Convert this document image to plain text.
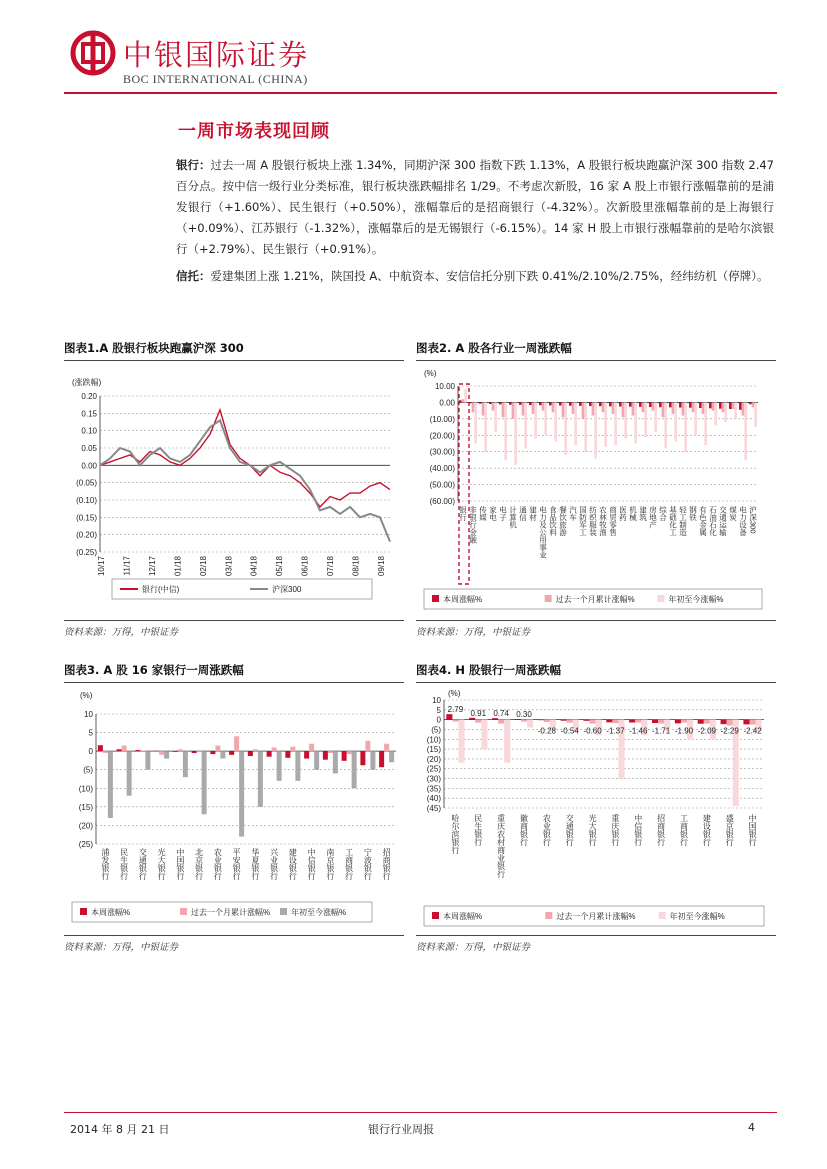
中银国际证券
BOC INTERNATIONAL (CHINA)
一周市场表现回顾
银行：过去一周 A 股银行板块上涨 1.34%，同期沪深 300 指数下跌 1.13%，A 股银行板块跑赢沪深 300 指数 2.47 百分点。按中信一级行业分类标准，银行板块涨跌幅排名 1/29。不考虑次新股，16 家 A 股上市银行涨幅靠前的是浦发银行（+1.60%）、民生银行（+0.50%），涨幅靠后的是招商银行（-4.32%）。次新股里涨幅靠前的是上海银行（+0.09%）、江苏银行（-1.32%），涨幅靠后的是无锡银行（-6.15%）。14 家 H 股上市银行涨幅靠前的是哈尔滨银行（+2.79%）、民生银行（+0.91%）。
信托：爱建集团上涨 1.21%，陕国投 A、中航资本、安信信托分别下跌 0.41%/2.10%/2.75%，经纬纺机（停牌）。
图表1.A 股银行板块跑赢沪深 300	图表2. A 股各行业一周涨跌幅
(涨跌幅)
0.20
0.15
0.10
0.05
0.00
(0.05)
(0.10)
(0.15)
(0.20)
(0.25)
10/17 11/17 12/17 01/18 02/18 03/18 04/18 05/18 06/18 07/18 08/18 09/18
银行(中信)	沪深300
(%)
10.00
0.00
(10.00)
(20.00)
(30.00)
(40.00)
(50.00)
(60.00)
银行 非银行金融 传媒 家电 电子 计算机 通信 建材 电力及公用事业 食品饮料 餐饮旅游 汽车 国防军工 纺织服装 农林牧渔 商贸零售 医药 机械 建筑 房地产 综合 基础化工 轻工制造 钢铁 有色金属 石油石化 交通运输 煤炭 电力设备 沪深300
本周涨幅%	过去一个月累计涨幅%	年初至今涨幅%
资料来源：万得，中银证券	资料来源：万得，中银证券
图表3. A 股 16 家银行一周涨跌幅	图表4. H 股银行一周涨跌幅
(%)
10
5
0
(5)
(10)
(15)
(20)
(25)
浦发银行 民生银行 交通银行 光大银行 中国银行 北京银行 农业银行 平安银行 华夏银行 兴业银行 建设银行 中信银行 南京银行 工商银行 宁波银行 招商银行
本周涨幅%	过去一个月累计涨幅%	年初至今涨幅%
(%)
10
5
0
(5)
(10)
(15)
(20)
(25)
(30)
(35)
(40)
(45)
哈尔滨银行 民生银行 重庆农村商业银行 徽商银行 农业银行 交通银行 光大银行 重庆银行 中信银行 招商银行 工商银行 建设银行 盛京银行 中国银行
2.79 0.91 0.74 0.30
-0.28 -0.54 -0.60 -1.37 -1.46 -1.71 -1.90 -2.09 -2.29 -2.42
本周涨幅%	过去一个月累计涨幅%	年初至今涨幅%
资料来源：万得，中银证券	资料来源：万得，中银证券
2014 年 8 月 21 日	银行行业周报	4
